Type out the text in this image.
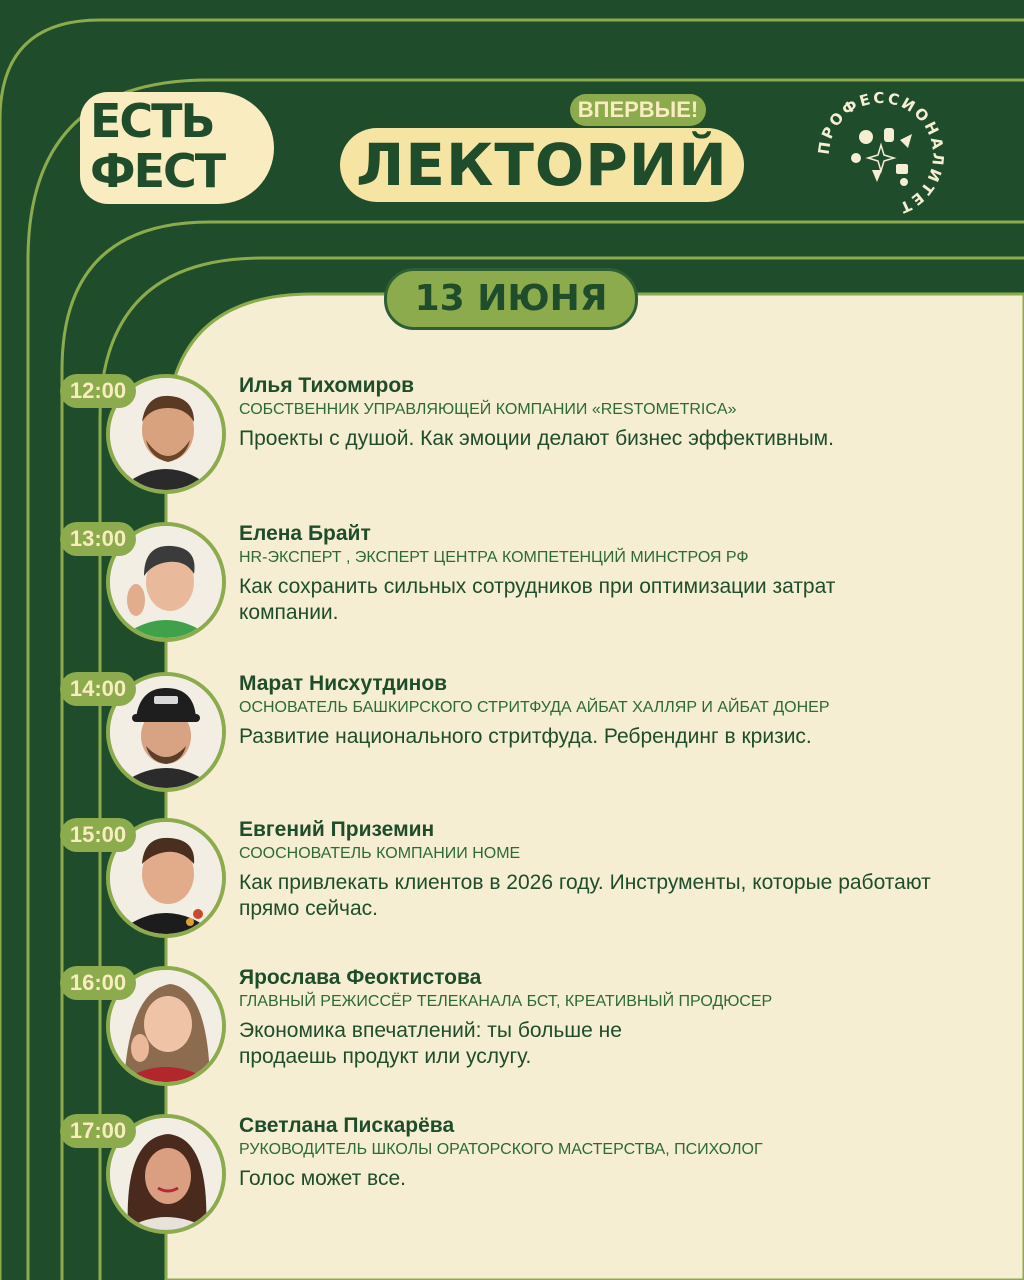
ЕСТЬ
ФЕСТ
ВПЕРВЫЕ!
ЛЕКТОРИЙ	ПРОФЕССИОНАЛИТЕТ
13 ИЮНЯ
12:00	Илья Тихомиров
СОБСТВЕННИК УПРАВЛЯЮЩЕЙ КОМПАНИИ «RESTOMETRICA»
Проекты с душой. Как эмоции делают бизнес эффективным.
13:00	Елена Брайт
HR-ЭКСПЕРТ , ЭКСПЕРТ ЦЕНТРА КОМПЕТЕНЦИЙ МИНСТРОЯ РФ
Как сохранить сильных сотрудников при оптимизации затрат компании.
14:00	Марат Нисхутдинов
ОСНОВАТЕЛЬ БАШКИРСКОГО СТРИТФУДА АЙБАТ ХАЛЛЯР И АЙБАТ ДОНЕР
Развитие национального стритфуда. Ребрендинг в кризис.
15:00	Евгений Приземин
СООСНОВАТЕЛЬ КОМПАНИИ HOME
Как привлекать клиентов в 2026 году. Инструменты, которые работают прямо сейчас.
16:00	Ярослава Феоктистова
ГЛАВНЫЙ РЕЖИССЁР ТЕЛЕКАНАЛА БСТ, КРЕАТИВНЫЙ ПРОДЮСЕР
Экономика впечатлений: ты больше не продаешь продукт или услугу.
17:00	Светлана Пискарёва
РУКОВОДИТЕЛЬ ШКОЛЫ ОРАТОРСКОГО МАСТЕРСТВА, ПСИХОЛОГ
Голос может все.
